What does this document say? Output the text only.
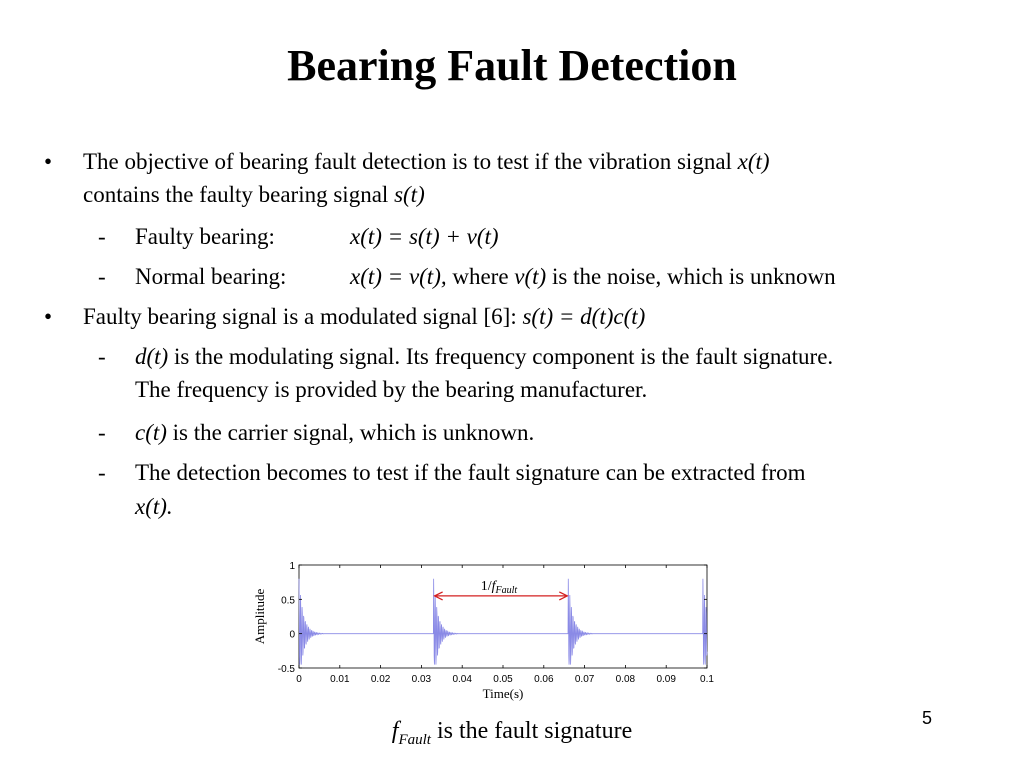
Bearing Fault Detection
• The objective of bearing fault detection is to test if the vibration signal x(t)
contains the faulty bearing signal s(t)
- Faulty bearing:	x(t) = s(t) + v(t)
- Normal bearing:	x(t) = v(t), where v(t) is the noise, which is unknown
• Faulty bearing signal is a modulated signal [6]: s(t) = d(t)c(t)
- d(t) is the modulating signal. Its frequency component is the fault signature.
The frequency is provided by the bearing manufacturer.
- c(t) is the carrier signal, which is unknown.
- The detection becomes to test if the fault signature can be extracted from
x(t).
0	0.01 0.02 0.03 0.04 0.05 0.06 0.07 0.08 0.09 0.1
1
0.5
0
-0.5
Time(s)
Amplitude
$1/f_{Fault}$
$f_{Fault}$ is the fault signature	5
